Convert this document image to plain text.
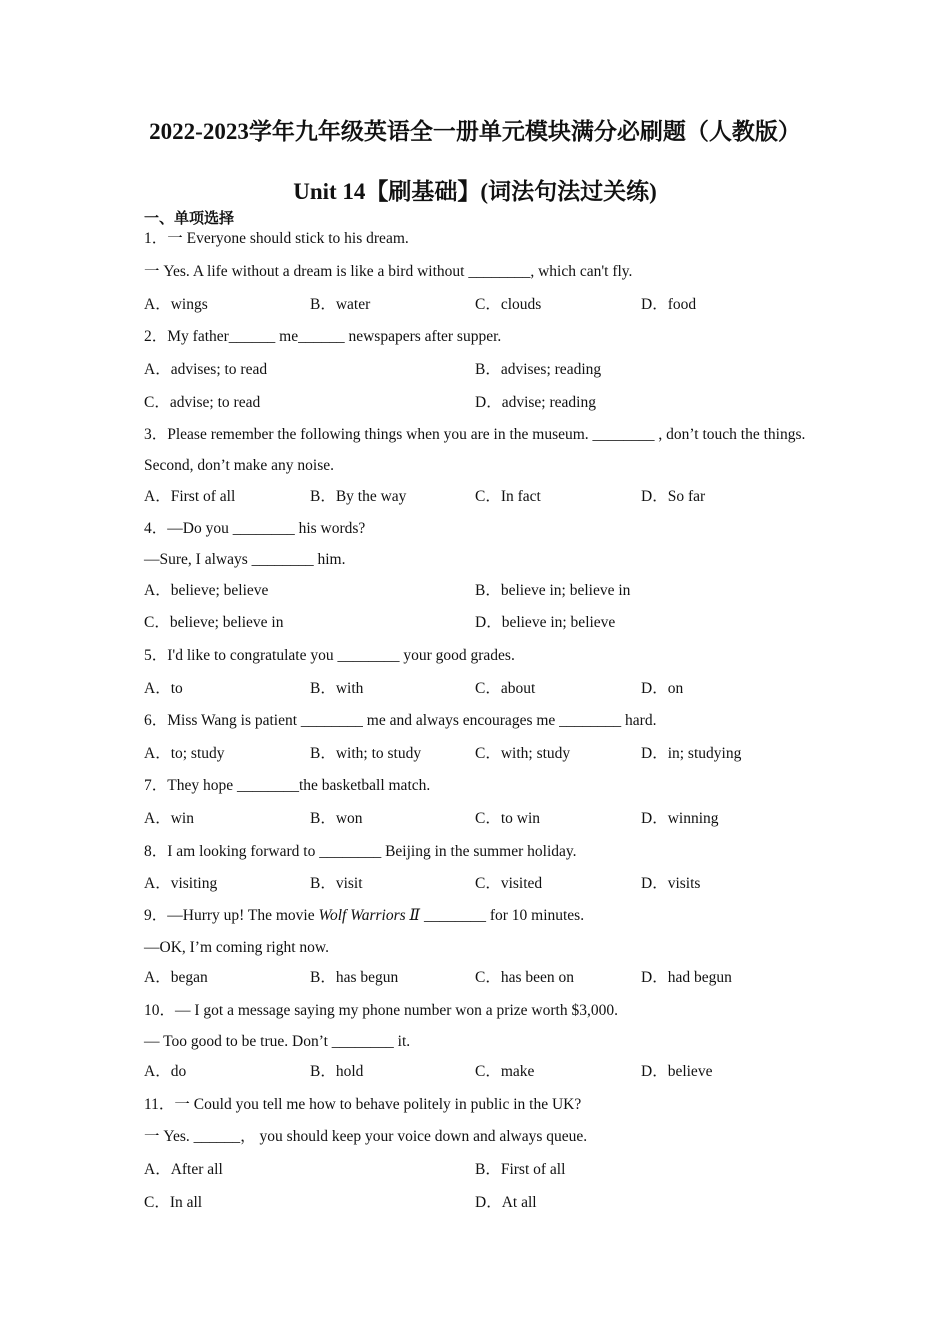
2022-2023学年九年级英语全一册单元模块满分必刷题（人教版）
Unit 14【刷基础】(词法句法过关练)
一、单项选择
1．一 Everyone should stick to his dream.
一 Yes. A life without a dream is like a bird without ________, which can't fly.
A．wings	B．water	C．clouds	D．food
2．My father______ me______ newspapers after supper.
A．advises; to read	B．advises; reading
C．advise; to read	D．advise; reading
3．Please remember the following things when you are in the museum. ________ , don’t touch the things. Second, don’t make any noise.
A．First of all	B．By the way	C．In fact	D．So far
4．—Do you ________ his words?
—Sure, I always ________ him.
A．believe; believe	B．believe in; believe in
C．believe; believe in	D．believe in; believe
5．I'd like to congratulate you ________ your good grades.
A．to	B．with	C．about	D．on
6．Miss Wang is patient ________ me and always encourages me ________ hard.
A．to; study	B．with; to study	C．with; study	D．in; studying
7．They hope ________the basketball match.
A．win	B．won	C．to win	D．winning
8．I am looking forward to ________ Beijing in the summer holiday.
A．visiting	B．visit	C．visited	D．visits
9．—Hurry up! The movie Wolf Warriors Ⅱ ________ for 10 minutes.
—OK, I’m coming right now.
A．began	B．has begun	C．has been on	D．had begun
10．— I got a message saying my phone number won a prize worth $3,000.
— Too good to be true. Don’t ________ it.
A．do	B．hold	C．make	D．believe
11．一 Could you tell me how to behave politely in public in the UK?
一 Yes. ______， you should keep your voice down and always queue.
A．After all	B．First of all
C．In all	D．At all
